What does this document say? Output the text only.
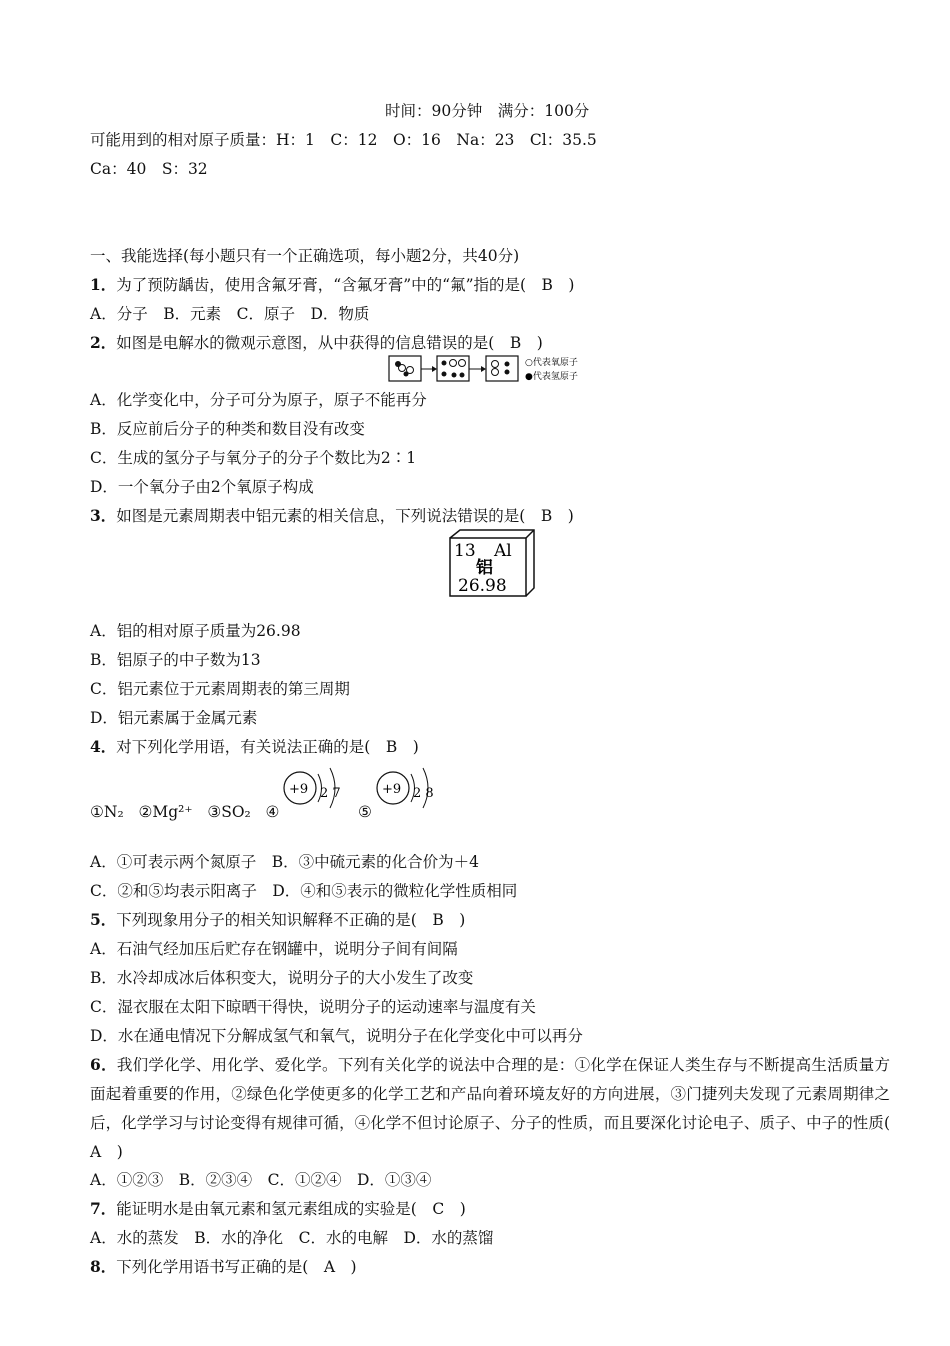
时间：90分钟　满分：100分
可能用到的相对原子质量：H：1　C：12　O：16　Na：23　Cl：35.5
Ca：40　S：32
一、我能选择(每小题只有一个正确选项，每小题2分，共40分)
1．为了预防龋齿，使用含氟牙膏，“含氟牙膏”中的“氟”指的是(　B　)
A．分子　B．元素　C．原子　D．物质
2．如图是电解水的微观示意图，从中获得的信息错误的是(　B　)
○代表氧原子
●代表氢原子
A．化学变化中，分子可分为原子，原子不能再分
B．反应前后分子的种类和数目没有改变
C．生成的氢分子与氧分子的分子个数比为2∶1
D．一个氧分子由2个氧原子构成
3．如图是元素周期表中铝元素的相关信息，下列说法错误的是(　B　)
13 Al
铝
26.98
A．铝的相对原子质量为26.98
B．铝原子的中子数为13
C．铝元素位于元素周期表的第三周期
D．铝元素属于金属元素
4．对下列化学用语，有关说法正确的是(　B　)
①N₂ ②Mg²⁺ ③SO₂ ④	⑤
+9 2 7	+9 2 8
A．①可表示两个氮原子　B．③中硫元素的化合价为＋4
C．②和⑤均表示阳离子　D．④和⑤表示的微粒化学性质相同
5．下列现象用分子的相关知识解释不正确的是(　B　)
A．石油气经加压后贮存在钢罐中，说明分子间有间隔
B．水冷却成冰后体积变大，说明分子的大小发生了改变
C．湿衣服在太阳下晾晒干得快，说明分子的运动速率与温度有关
D．水在通电情况下分解成氢气和氧气，说明分子在化学变化中可以再分
6．我们学化学、用化学、爱化学。下列有关化学的说法中合理的是：①化学在保证人类生存与不断提高生活质量方面起着重要的作用，②绿色化学使更多的化学工艺和产品向着环境友好的方向进展，③门捷列夫发现了元素周期律之后，化学学习与讨论变得有规律可循，④化学不但讨论原子、分子的性质，而且要深化讨论电子、质子、中子的性质(　A　)
A．①②③　B．②③④　C．①②④　D．①③④
7．能证明水是由氧元素和氢元素组成的实验是(　C　)
A．水的蒸发　B．水的净化　C．水的电解　D．水的蒸馏
8．下列化学用语书写正确的是(　A　)
